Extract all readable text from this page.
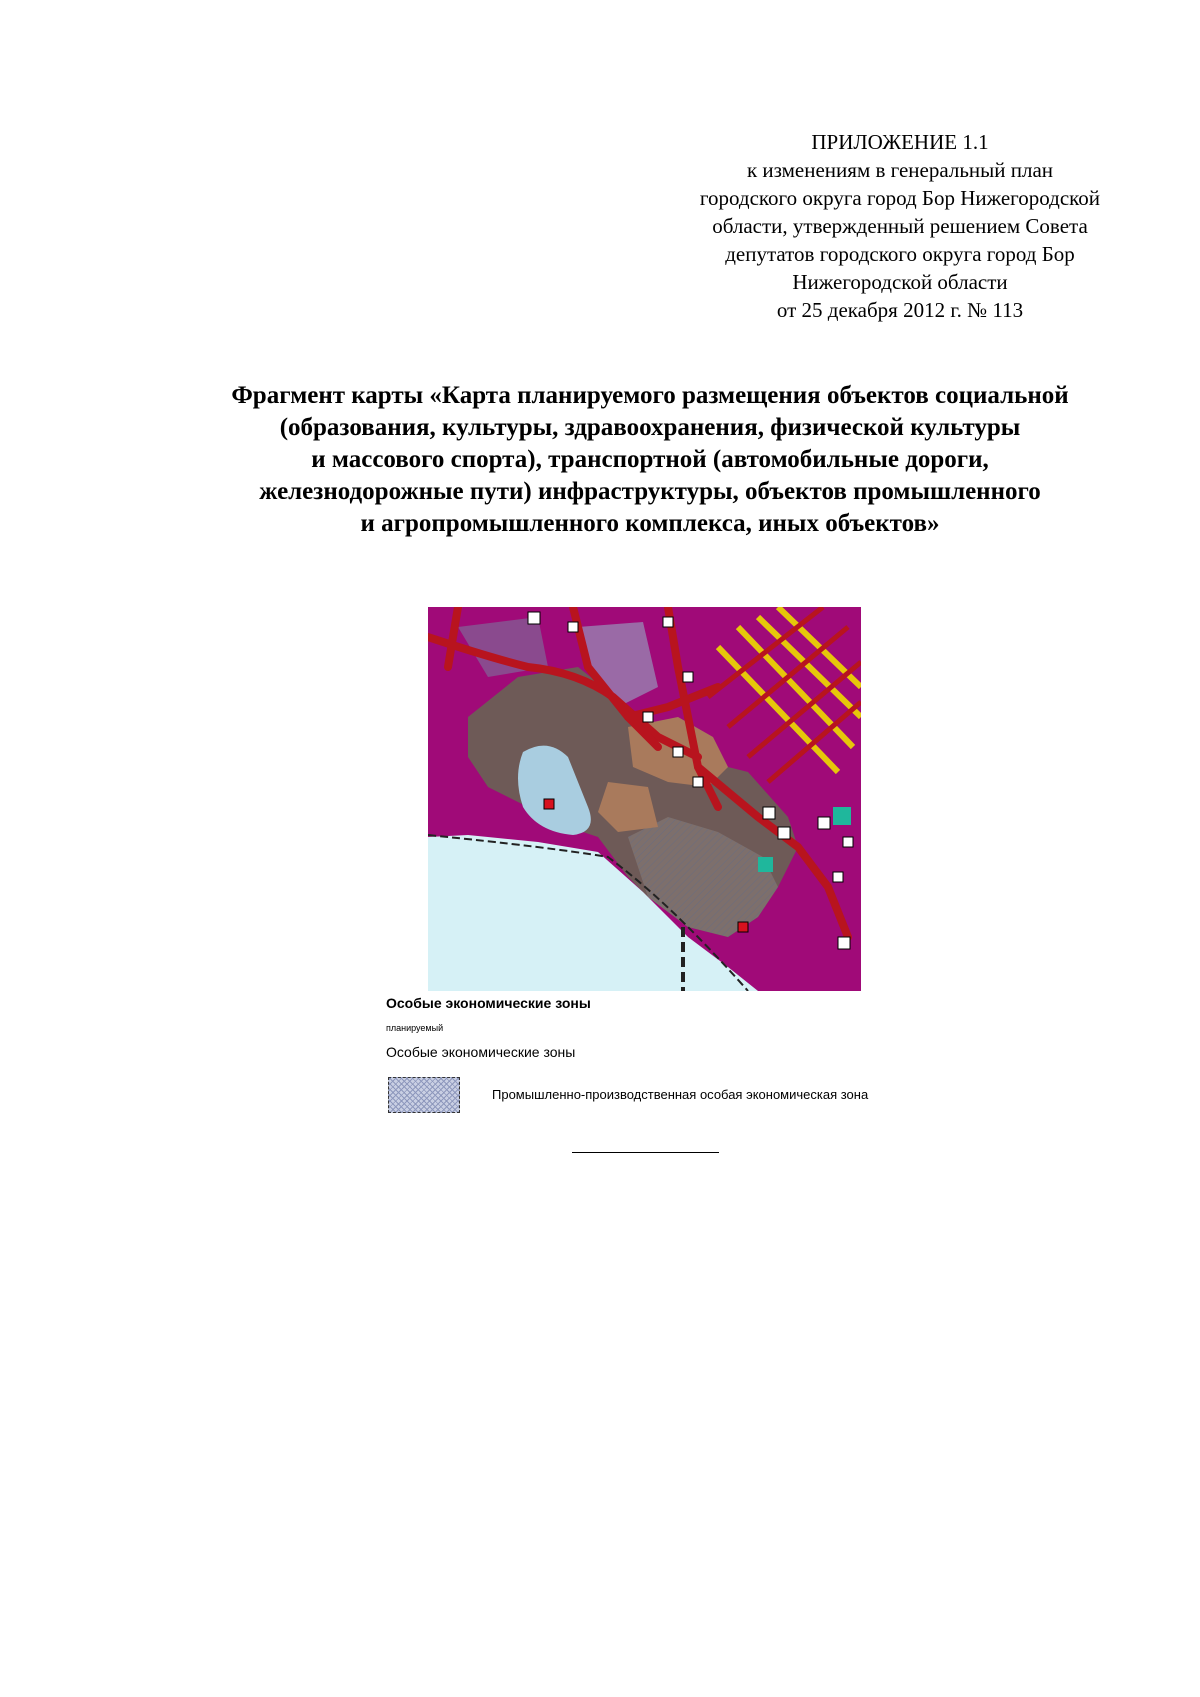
ПРИЛОЖЕНИЕ 1.1
к изменениям в генеральный план
городского округа город Бор Нижегородской
области, утвержденный решением Совета
депутатов городского округа город Бор
Нижегородской области
от 25 декабря 2012 г. № 113
Фрагмент карты «Карта планируемого размещения объектов социальной
(образования, культуры, здравоохранения, физической культуры
и массового спорта), транспортной (автомобильные дороги,
железнодорожные пути) инфраструктуры, объектов промышленного
и агропромышленного комплекса, иных объектов»
Особые экономические зоны
планируемый
Особые экономические зоны
Промышленно-производственная особая экономическая зона
